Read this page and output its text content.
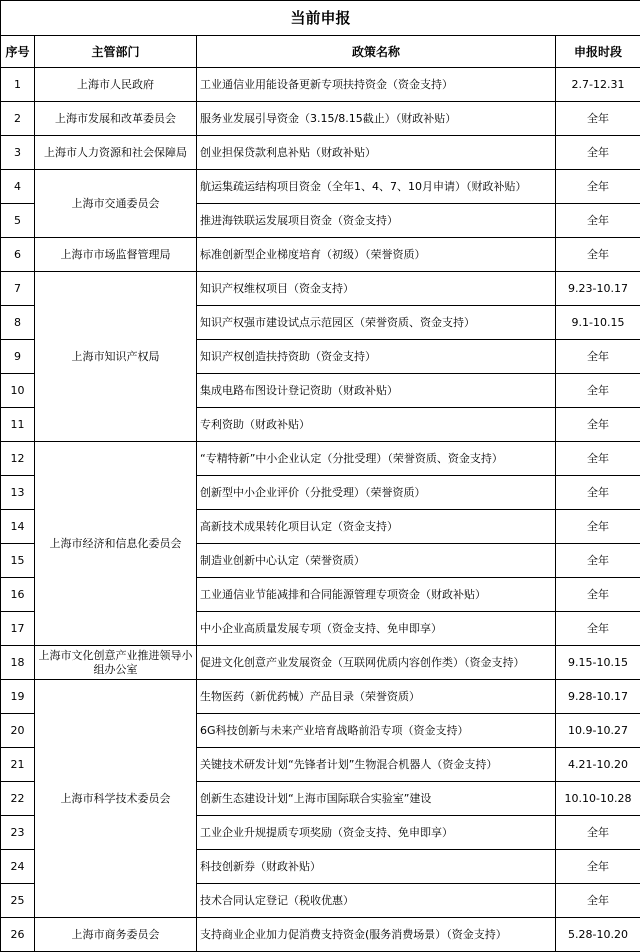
当前申报			
序号	主管部门	政策名称	申报时段
1	上海市人民政府	工业通信业用能设备更新专项扶持资金（资金支持）	2.7-12.31
2	上海市发展和改革委员会	服务业发展引导资金（3.15/8.15截止）（财政补贴）	全年
3	上海市人力资源和社会保障局	创业担保贷款利息补贴（财政补贴）	全年
4	上海市交通委员会	航运集疏运结构项目资金（全年1、4、7、10月申请）（财政补贴）	全年
5		推进海铁联运发展项目资金（资金支持）	全年
6	上海市市场监督管理局	标准创新型企业梯度培育（初级）（荣誉资质）	全年
7	上海市知识产权局	知识产权维权项目（资金支持）	9.23-10.17
8		知识产权强市建设试点示范园区（荣誉资质、资金支持）	9.1-10.15
9		知识产权创造扶持资助（资金支持）	全年
10		集成电路布图设计登记资助（财政补贴）	全年
11		专利资助（财政补贴）	全年
12	上海市经济和信息化委员会	“专精特新”中小企业认定（分批受理）（荣誉资质、资金支持）	全年
13		创新型中小企业评价（分批受理）（荣誉资质）	全年
14		高新技术成果转化项目认定（资金支持）	全年
15		制造业创新中心认定（荣誉资质）	全年
16		工业通信业节能减排和合同能源管理专项资金（财政补贴）	全年
17		中小企业高质量发展专项（资金支持、免申即享）	全年
18	上海市文化创意产业推进领导小组办公室	促进文化创意产业发展资金（互联网优质内容创作类）（资金支持）	9.15-10.15
19	上海市科学技术委员会	生物医药（新优药械）产品目录（荣誉资质）	9.28-10.17
20		6G科技创新与未来产业培育战略前沿专项（资金支持）	10.9-10.27
21		关键技术研发计划“先锋者计划”生物混合机器人（资金支持）	4.21-10.20
22		创新生态建设计划“上海市国际联合实验室”建设	10.10-10.28
23		工业企业升规提质专项奖励（资金支持、免申即享）	全年
24		科技创新券（财政补贴）	全年
25		技术合同认定登记（税收优惠）	全年
26	上海市商务委员会	支持商业企业加力促消费支持资金(服务消费场景）（资金支持）	5.28-10.20
